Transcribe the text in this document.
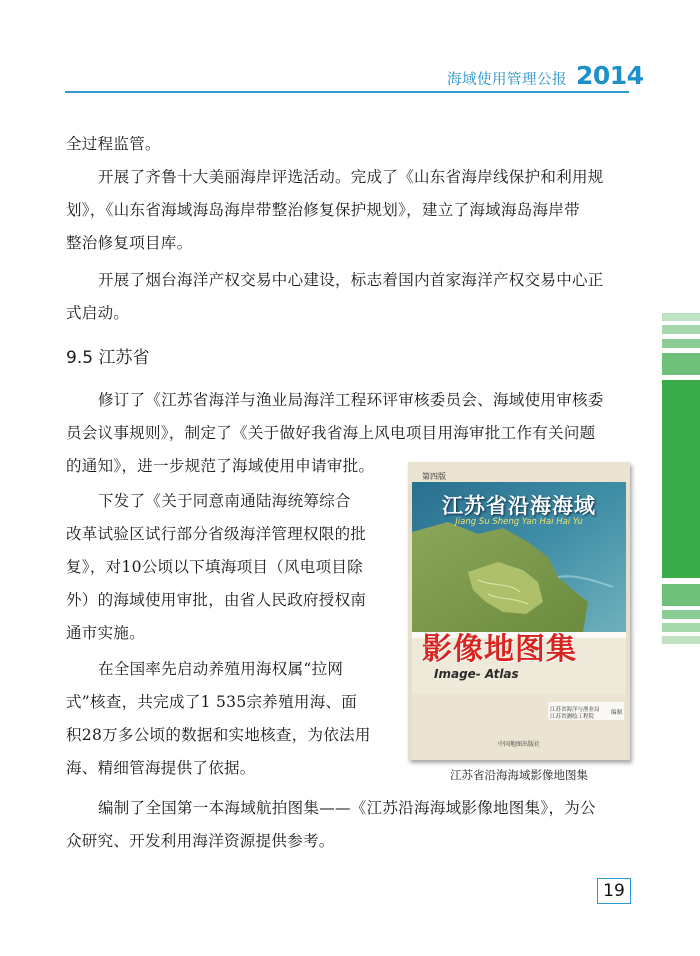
海域使用管理公报 2014
全过程监管。
开展了齐鲁十大美丽海岸评选活动。完成了《山东省海岸线保护和利用规
划》，《山东省海域海岛海岸带整治修复保护规划》，建立了海域海岛海岸带
整治修复项目库。
开展了烟台海洋产权交易中心建设，标志着国内首家海洋产权交易中心正
式启动。
9.5 江苏省
修订了《江苏省海洋与渔业局海洋工程环评审核委员会、海域使用审核委
员会议事规则》，制定了《关于做好我省海上风电项目用海审批工作有关问题
的通知》，进一步规范了海域使用申请审批。
下发了《关于同意南通陆海统筹综合
改革试验区试行部分省级海洋管理权限的批
复》，对10公顷以下填海项目（风电项目除
外）的海域使用审批，由省人民政府授权南
通市实施。
在全国率先启动养殖用海权属“拉网
式”核查，共完成了1 535宗养殖用海、面
积28万多公顷的数据和实地核查，为依法用
海、精细管海提供了依据。
编制了全国第一本海域航拍图集——《江苏沿海海域影像地图集》，为公
众研究、开发利用海洋资源提供参考。
第四版
江苏省沿海海域
Jiang Su Sheng Yan Hai Hai Yu
影像地图集
Image- Atlas
江苏省海洋与渔业局
江苏省测绘工程院
编制
中国地图出版社
江苏省沿海海域影像地图集
19
